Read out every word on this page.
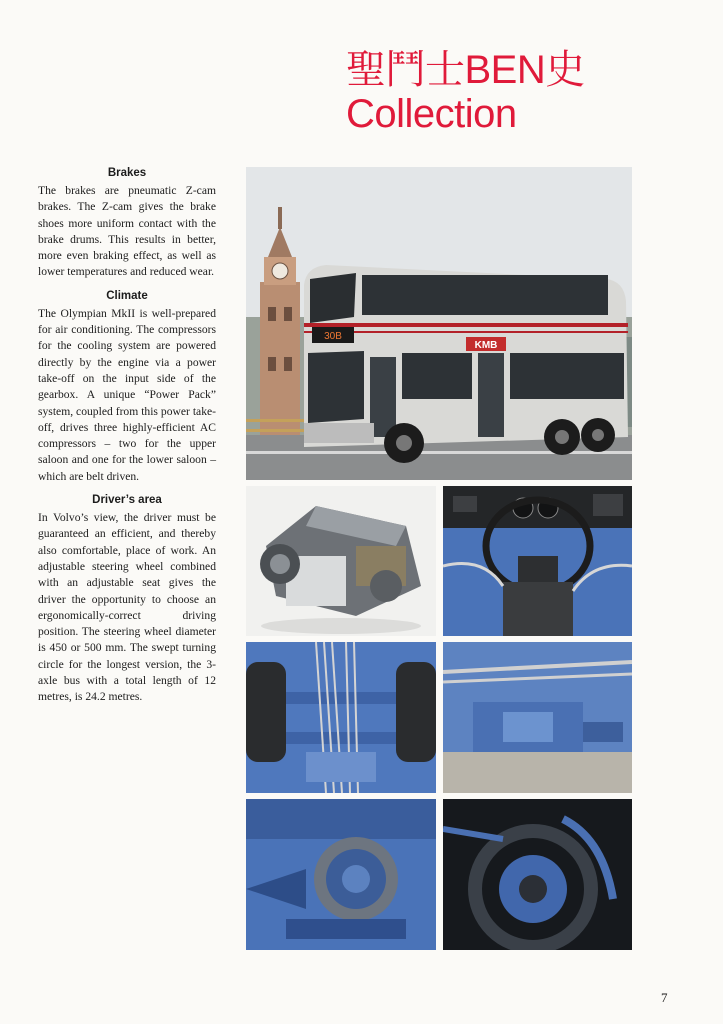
聖鬥士BEN史
Collection
Brakes

The brakes are pneumatic Z-cam brakes. The Z-cam gives the brake shoes more uniform contact with the brake drums. This results in better, more even braking effect, as well as lower temperatures and reduced wear.

Climate

The Olympian MkII is well-prepared for air conditioning. The compressors for the cooling system are powered directly by the engine via a power take-off on the input side of the gearbox. A unique “Power Pack” system, coupled from this power take-off, drives three highly-efficient AC compressors – two for the upper saloon and one for the lower saloon – which are belt driven.

Driver’s area

In Volvo’s view, the driver must be guaranteed an efficient, and thereby also comfortable, place of work. An adjustable steering wheel combined with an adjustable seat gives the driver the opportunity to choose an ergonomically-correct driving position. The steering wheel diameter is 450 or 500 mm. The swept turning circle for the longest version, the 3-axle bus with a total length of 12 metres, is 24.2 metres.

30B
KMB
7
